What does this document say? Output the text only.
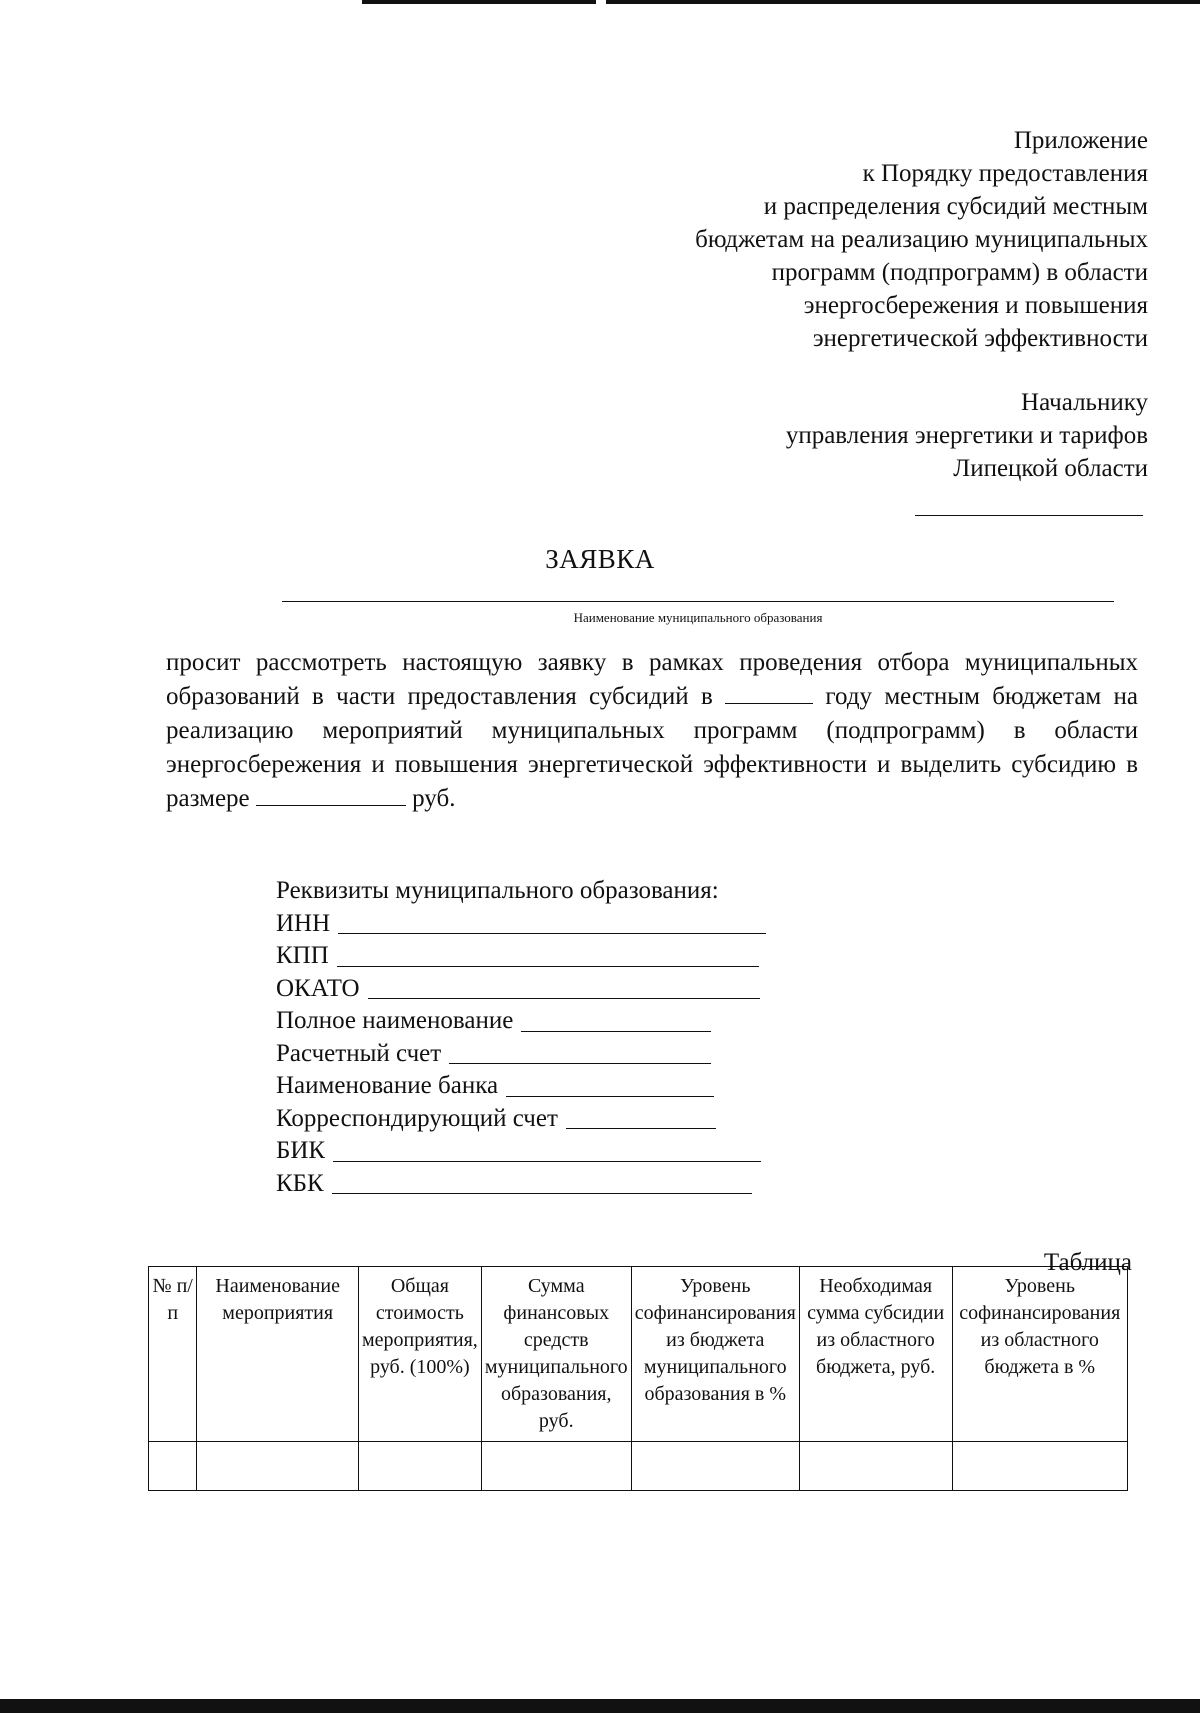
Приложение
к Порядку предоставления
и распределения субсидий местным
бюджетам на реализацию муниципальных
программ (подпрограмм) в области
энергосбережения и повышения
энергетической эффективности
Начальнику
управления энергетики и тарифов
Липецкой области
ЗАЯВКА
Наименование муниципального образования
просит рассмотреть настоящую заявку в рамках проведения отбора муниципальных образований в части предоставления субсидий в	году местным бюджетам на реализацию мероприятий муниципальных программ (подпрограмм) в области энергосбережения и повышения энергетической эффективности и выделить субсидию в размере	руб.
Реквизиты муниципального образования:
ИНН
КПП
ОКАТО
Полное наименование
Расчетный счет
Наименование банка
Корреспондирующий счет
БИК
КБК
Таблица
№ п/п	Наименование мероприятия	Общая стоимость мероприятия, руб. (100%)	Сумма финансовых средств муниципального образования, руб.	Уровень софинансирования из бюджета муниципального образования в %	Необходимая сумма субсидии из областного бюджета, руб.	Уровень софинансирования из областного бюджета в %
